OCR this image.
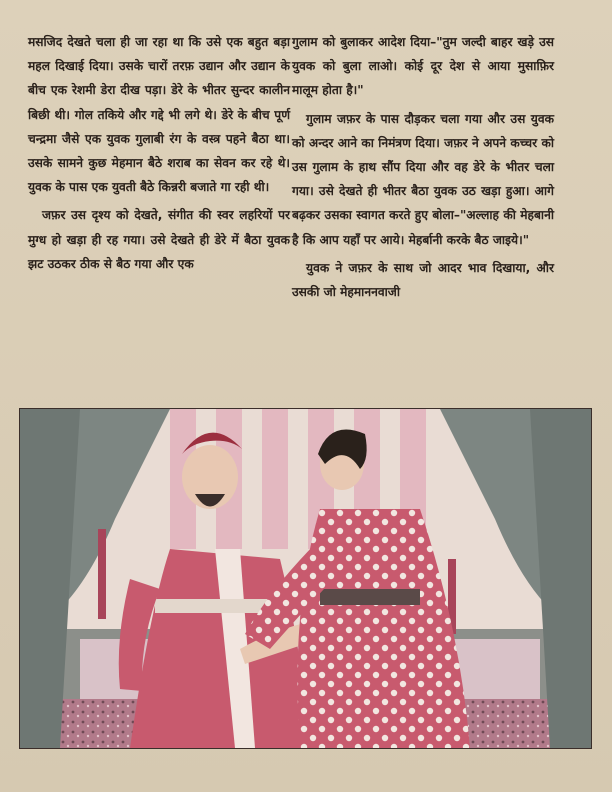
मसजिद देखते चला ही जा रहा था कि उसे एक बहुत बड़ा महल दिखाई दिया। उसके चारों तरफ़ उद्यान और उद्यान के बीच एक रेशमी डेरा दीख पड़ा। डेरे के भीतर सुन्दर कालीन बिछी थी। गोल तकिये और गद्दे भी लगे थे। डेरे के बीच पूर्ण चन्द्रमा जैसे एक युवक गुलाबी रंग के वस्त्र पहने बैठा था। उसके सामने कुछ मेहमान बैठे शराब का सेवन कर रहे थे। युवक के पास एक युवती बैठे किन्नरी बजाते गा रही थी।

जफ़र उस दृश्य को देखते, संगीत की स्वर लहरियों पर मुग्ध हो खड़ा ही रह गया। उसे देखते ही डेरे में बैठा युवक झट उठकर ठीक से बैठ गया और एक

गुलाम को बुलाकर आदेश दिया–"तुम जल्दी बाहर खड़े उस युवक को बुला लाओ। कोई दूर देश से आया मुसाफ़िर मालूम होता है।"

गुलाम जफ़र के पास दौड़कर चला गया और उस युवक को अन्दर आने का निमंत्रण दिया। जफ़र ने अपने कच्चर को उस गुलाम के हाथ सौंप दिया और वह डेरे के भीतर चला गया। उसे देखते ही भीतर बैठा युवक उठ खड़ा हुआ। आगे बढ़कर उसका स्वागत करते हुए बोला–"अल्लाह की मेहबानी है कि आप यहाँ पर आये। मेहर्बानी करके बैठ जाइये।"

युवक ने जफ़र के साथ जो आदर भाव दिखाया, और उसकी जो मेहमाननवाजी
